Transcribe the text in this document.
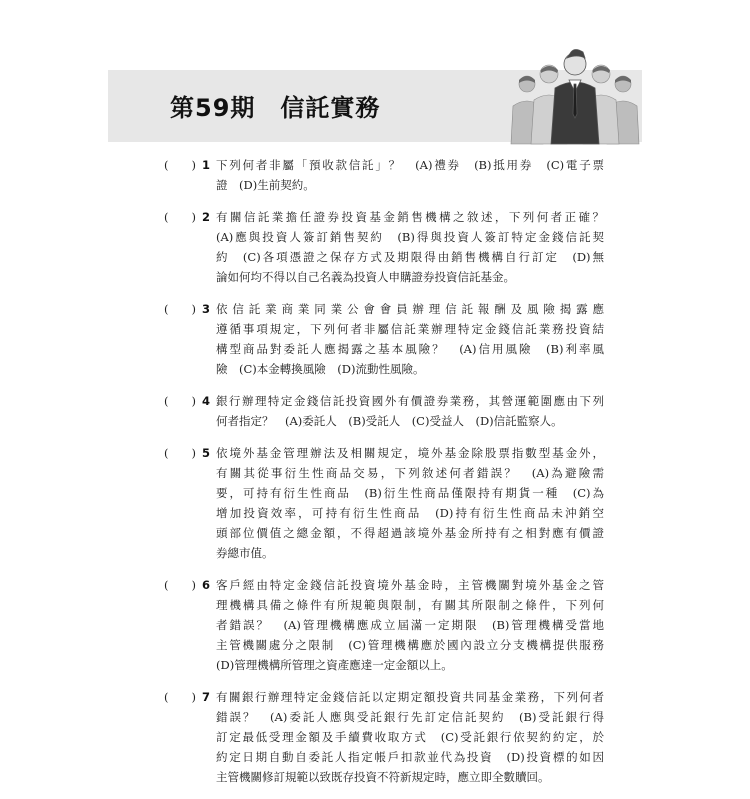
第59期　信託實務
(　　) 1 下列何者非屬「預收款信託」？　(A)禮券　(B)抵用券　(C)電子票
證　(D)生前契約。
(　　) 2 有關信託業擔任證券投資基金銷售機構之敘述，下列何者正確？
(A)應與投資人簽訂銷售契約　(B)得與投資人簽訂特定金錢信託契
約　(C)各項憑證之保存方式及期限得由銷售機構自行訂定　(D)無
論如何均不得以自己名義為投資人申購證券投資信託基金。
(　　) 3 依信託業商業同業公會會員辦理信託報酬及風險揭露應
遵循事項規定，下列何者非屬信託業辦理特定金錢信託業務投資結
構型商品對委託人應揭露之基本風險？　(A)信用風險　(B)利率風
險　(C)本金轉換風險　(D)流動性風險。
(　　) 4 銀行辦理特定金錢信託投資國外有價證券業務，其營運範圍應由下列
何者指定？　(A)委託人　(B)受託人　(C)受益人　(D)信託監察人。
(　　) 5 依境外基金管理辦法及相關規定，境外基金除股票指數型基金外，
有關其從事衍生性商品交易，下列敘述何者錯誤？　(A)為避險需
要，可持有衍生性商品　(B)衍生性商品僅限持有期貨一種　(C)為
增加投資效率，可持有衍生性商品　(D)持有衍生性商品未沖銷空
頭部位價值之總金額，不得超過該境外基金所持有之相對應有價證
券總市值。
(　　) 6 客戶經由特定金錢信託投資境外基金時，主管機關對境外基金之管
理機構具備之條件有所規範與限制，有關其所限制之條件，下列何
者錯誤？　(A)管理機構應成立屆滿一定期限　(B)管理機構受當地
主管機關處分之限制　(C)管理機構應於國內設立分支機構提供服務
(D)管理機構所管理之資產應達一定金額以上。
(　　) 7 有關銀行辦理特定金錢信託以定期定額投資共同基金業務，下列何者
錯誤？　(A)委託人應與受託銀行先訂定信託契約　(B)受託銀行得
訂定最低受理金額及手續費收取方式　(C)受託銀行依契約約定，於
約定日期自動自委託人指定帳戶扣款並代為投資　(D)投資標的如因
主管機關修訂規範以致既存投資不符新規定時，應立即全數贖回。
